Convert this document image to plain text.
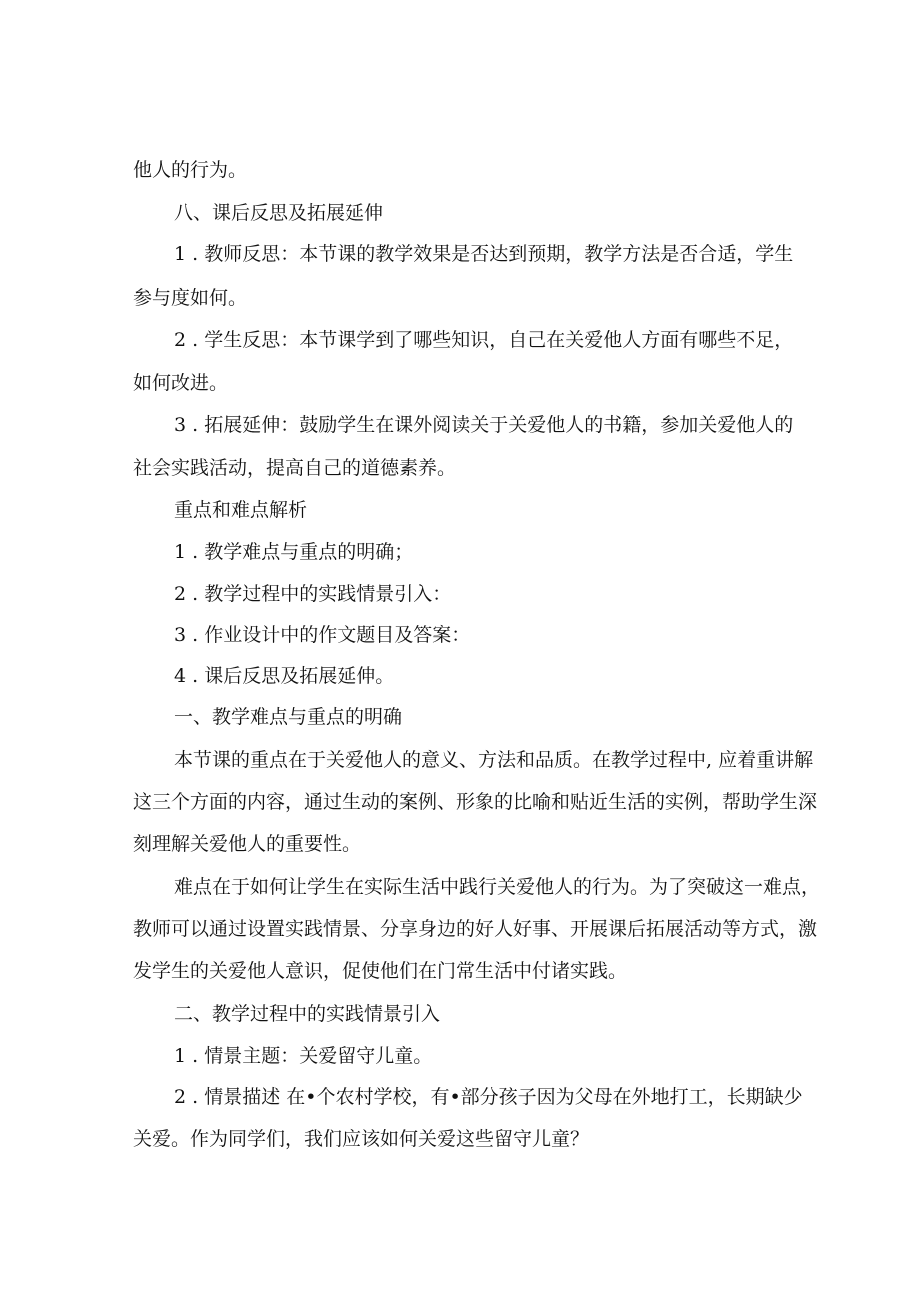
他人的行为。
八、课后反思及拓展延伸
1 . 教师反思：本节课的教学效果是否达到预期，教学方法是否合适，学生
参与度如何。
2 . 学生反思：本节课学到了哪些知识，自己在关爱他人方面有哪些不足，
如何改进。
3 . 拓展延伸：鼓励学生在课外阅读关于关爱他人的书籍，参加关爱他人的
社会实践活动，提高自己的道德素养。
重点和难点解析
1 . 教学难点与重点的明确；
2 . 教学过程中的实践情景引入：
3 . 作业设计中的作文题目及答案：
4 . 课后反思及拓展延伸。
一、教学难点与重点的明确
本节课的重点在于关爱他人的意义、方法和品质。在教学过程中, 应着重讲解
这三个方面的内容，通过生动的案例、形象的比喻和贴近生活的实例，帮助学生深
刻理解关爱他人的重要性。
难点在于如何让学生在实际生活中践行关爱他人的行为。为了突破这一难点，
教师可以通过设置实践情景、分享身边的好人好事、开展课后拓展活动等方式，激
发学生的关爱他人意识，促使他们在门常生活中付诸实践。
二、教学过程中的实践情景引入
1 . 情景主题：关爱留守儿童。
2 . 情景描述 在•个农村学校，有•部分孩子因为父母在外地打工，长期缺少
关爱。作为同学们，我们应该如何关爱这些留守儿童？
